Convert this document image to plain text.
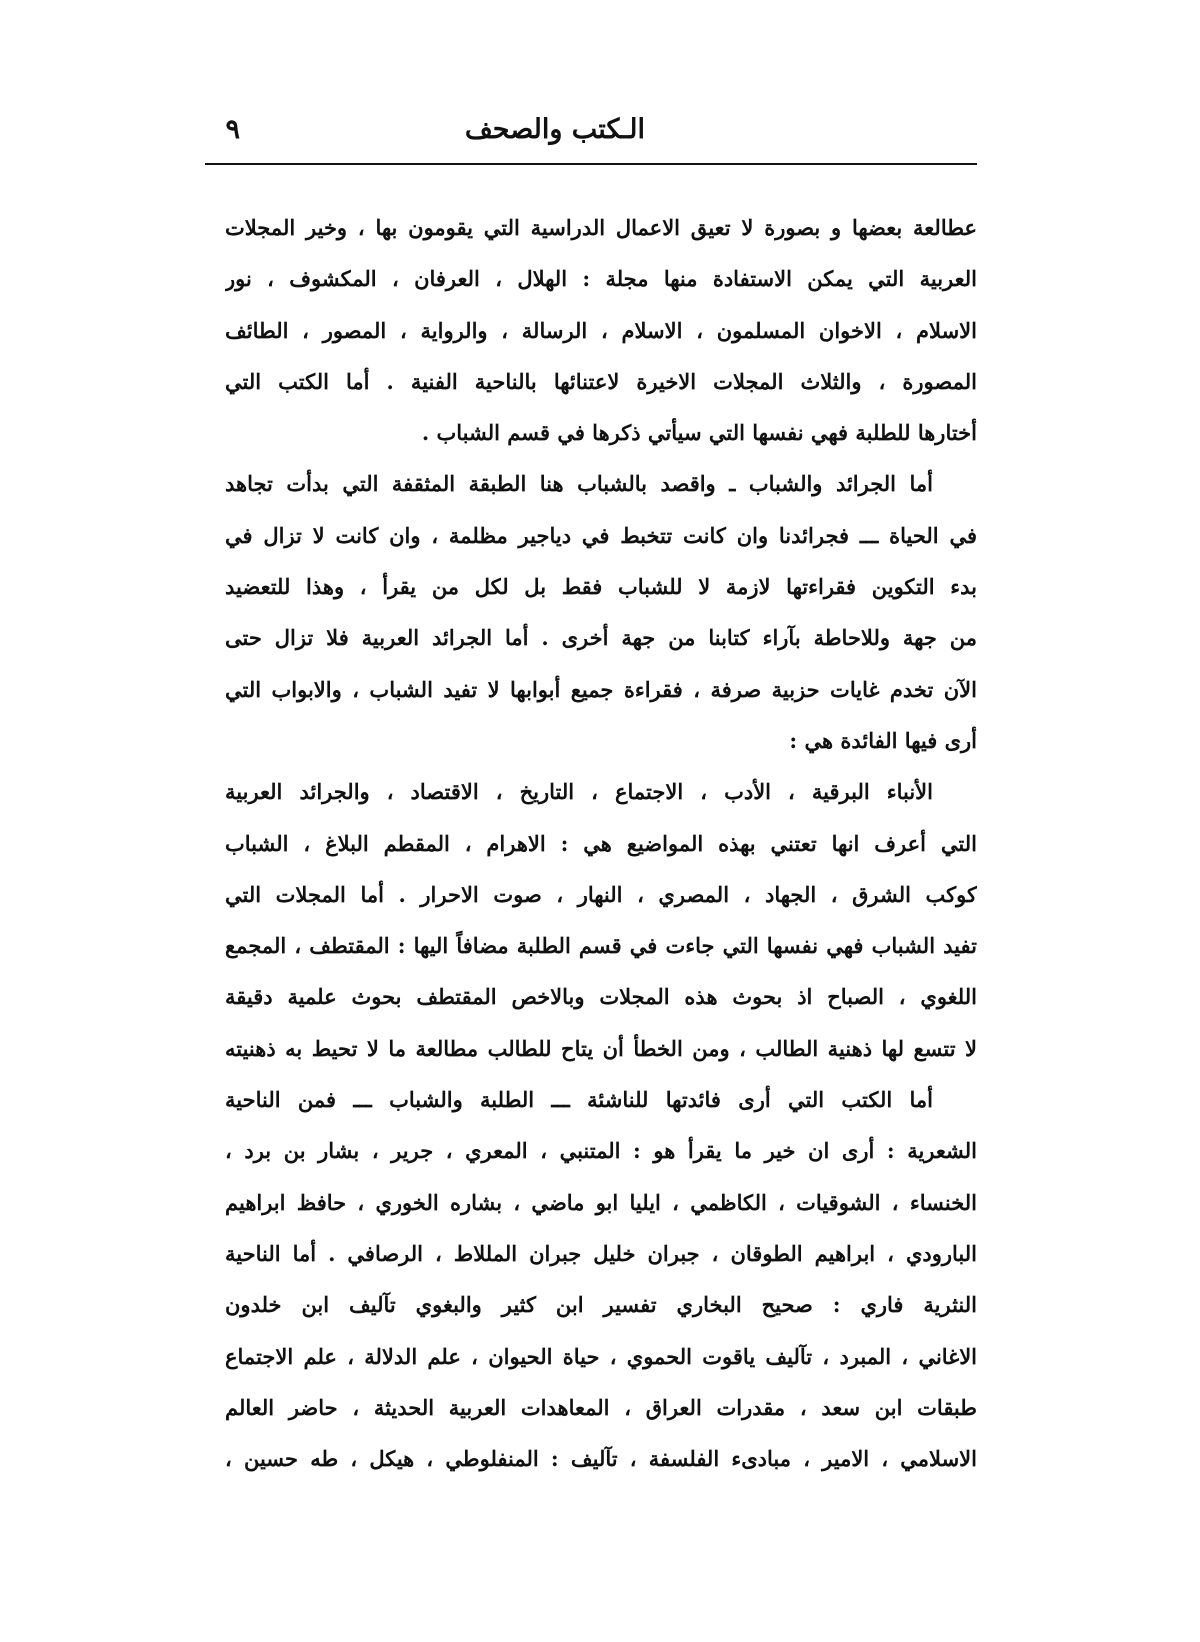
الـكتب والصحف
٩
عطالعة بعضها و بصورة لا تعيق الاعمال الدراسية التي يقومون بها ، وخير المجلات
العربية التي يمكن الاستفادة منها مجلة : الهلال ، العرفان ، المكشوف ، نور
الاسلام ، الاخوان المسلمون ، الاسلام ، الرسالة ، والرواية ، المصور ، الطائف
المصورة ، والثلاث المجلات الاخيرة لاعتنائها بالناحية الفنية . أما الكتب التي
أختارها للطلبة فهي نفسها التي سيأتي ذكرها في قسم الشباب .
أما الجرائد والشباب ـ واقصد بالشباب هنا الطبقة المثقفة التي بدأت تجاهد
في الحياة ـــ فجرائدنا وان كانت تتخبط في دياجير مظلمة ، وان كانت لا تزال في
بدء التكوين فقراءتها لازمة لا للشباب فقط بل لكل من يقرأ ، وهذا للتعضيد
من جهة وللاحاطة بآراء كتابنا من جهة أخرى . أما الجرائد العربية فلا تزال حتى
الآن تخدم غايات حزبية صرفة ، فقراءة جميع أبوابها لا تفيد الشباب ، والابواب التي
أرى فيها الفائدة هي :
الأنباء البرقية ، الأدب ، الاجتماع ، التاريخ ، الاقتصاد ، والجرائد العربية
التي أعرف انها تعتني بهذه المواضيع هي : الاهرام ، المقطم البلاغ ، الشباب
كوكب الشرق ، الجهاد ، المصري ، النهار ، صوت الاحرار . أما المجلات التي
تفيد الشباب فهي نفسها التي جاءت في قسم الطلبة مضافاً اليها : المقتطف ، المجمع
اللغوي ، الصباح اذ بحوث هذه المجلات وبالاخص المقتطف بحوث علمية دقيقة
لا تتسع لها ذهنية الطالب ، ومن الخطأ أن يتاح للطالب مطالعة ما لا تحيط به ذهنيته
أما الكتب التي أرى فائدتها للناشئة ـــ الطلبة والشباب ـــ فمن الناحية
الشعرية : أرى ان خير ما يقرأ هو : المتنبي ، المعري ، جرير ، بشار بن برد ،
الخنساء ، الشوقيات ، الكاظمي ، ايليا ابو ماضي ، بشاره الخوري ، حافظ ابراهيم
البارودي ، ابراهيم الطوقان ، جبران خليل جبران المللاط ، الرصافي . أما الناحية
النثرية فاري : صحيح البخاري تفسير ابن كثير والبغوي تآليف ابن خلدون
الاغاني ، المبرد ، تآليف ياقوت الحموي ، حياة الحيوان ، علم الدلالة ، علم الاجتماع
طبقات ابن سعد ، مقدرات العراق ، المعاهدات العربية الحديثة ، حاضر العالم
الاسلامي ، الامير ، مبادىء الفلسفة ، تآليف : المنفلوطي ، هيكل ، طه حسين ،
